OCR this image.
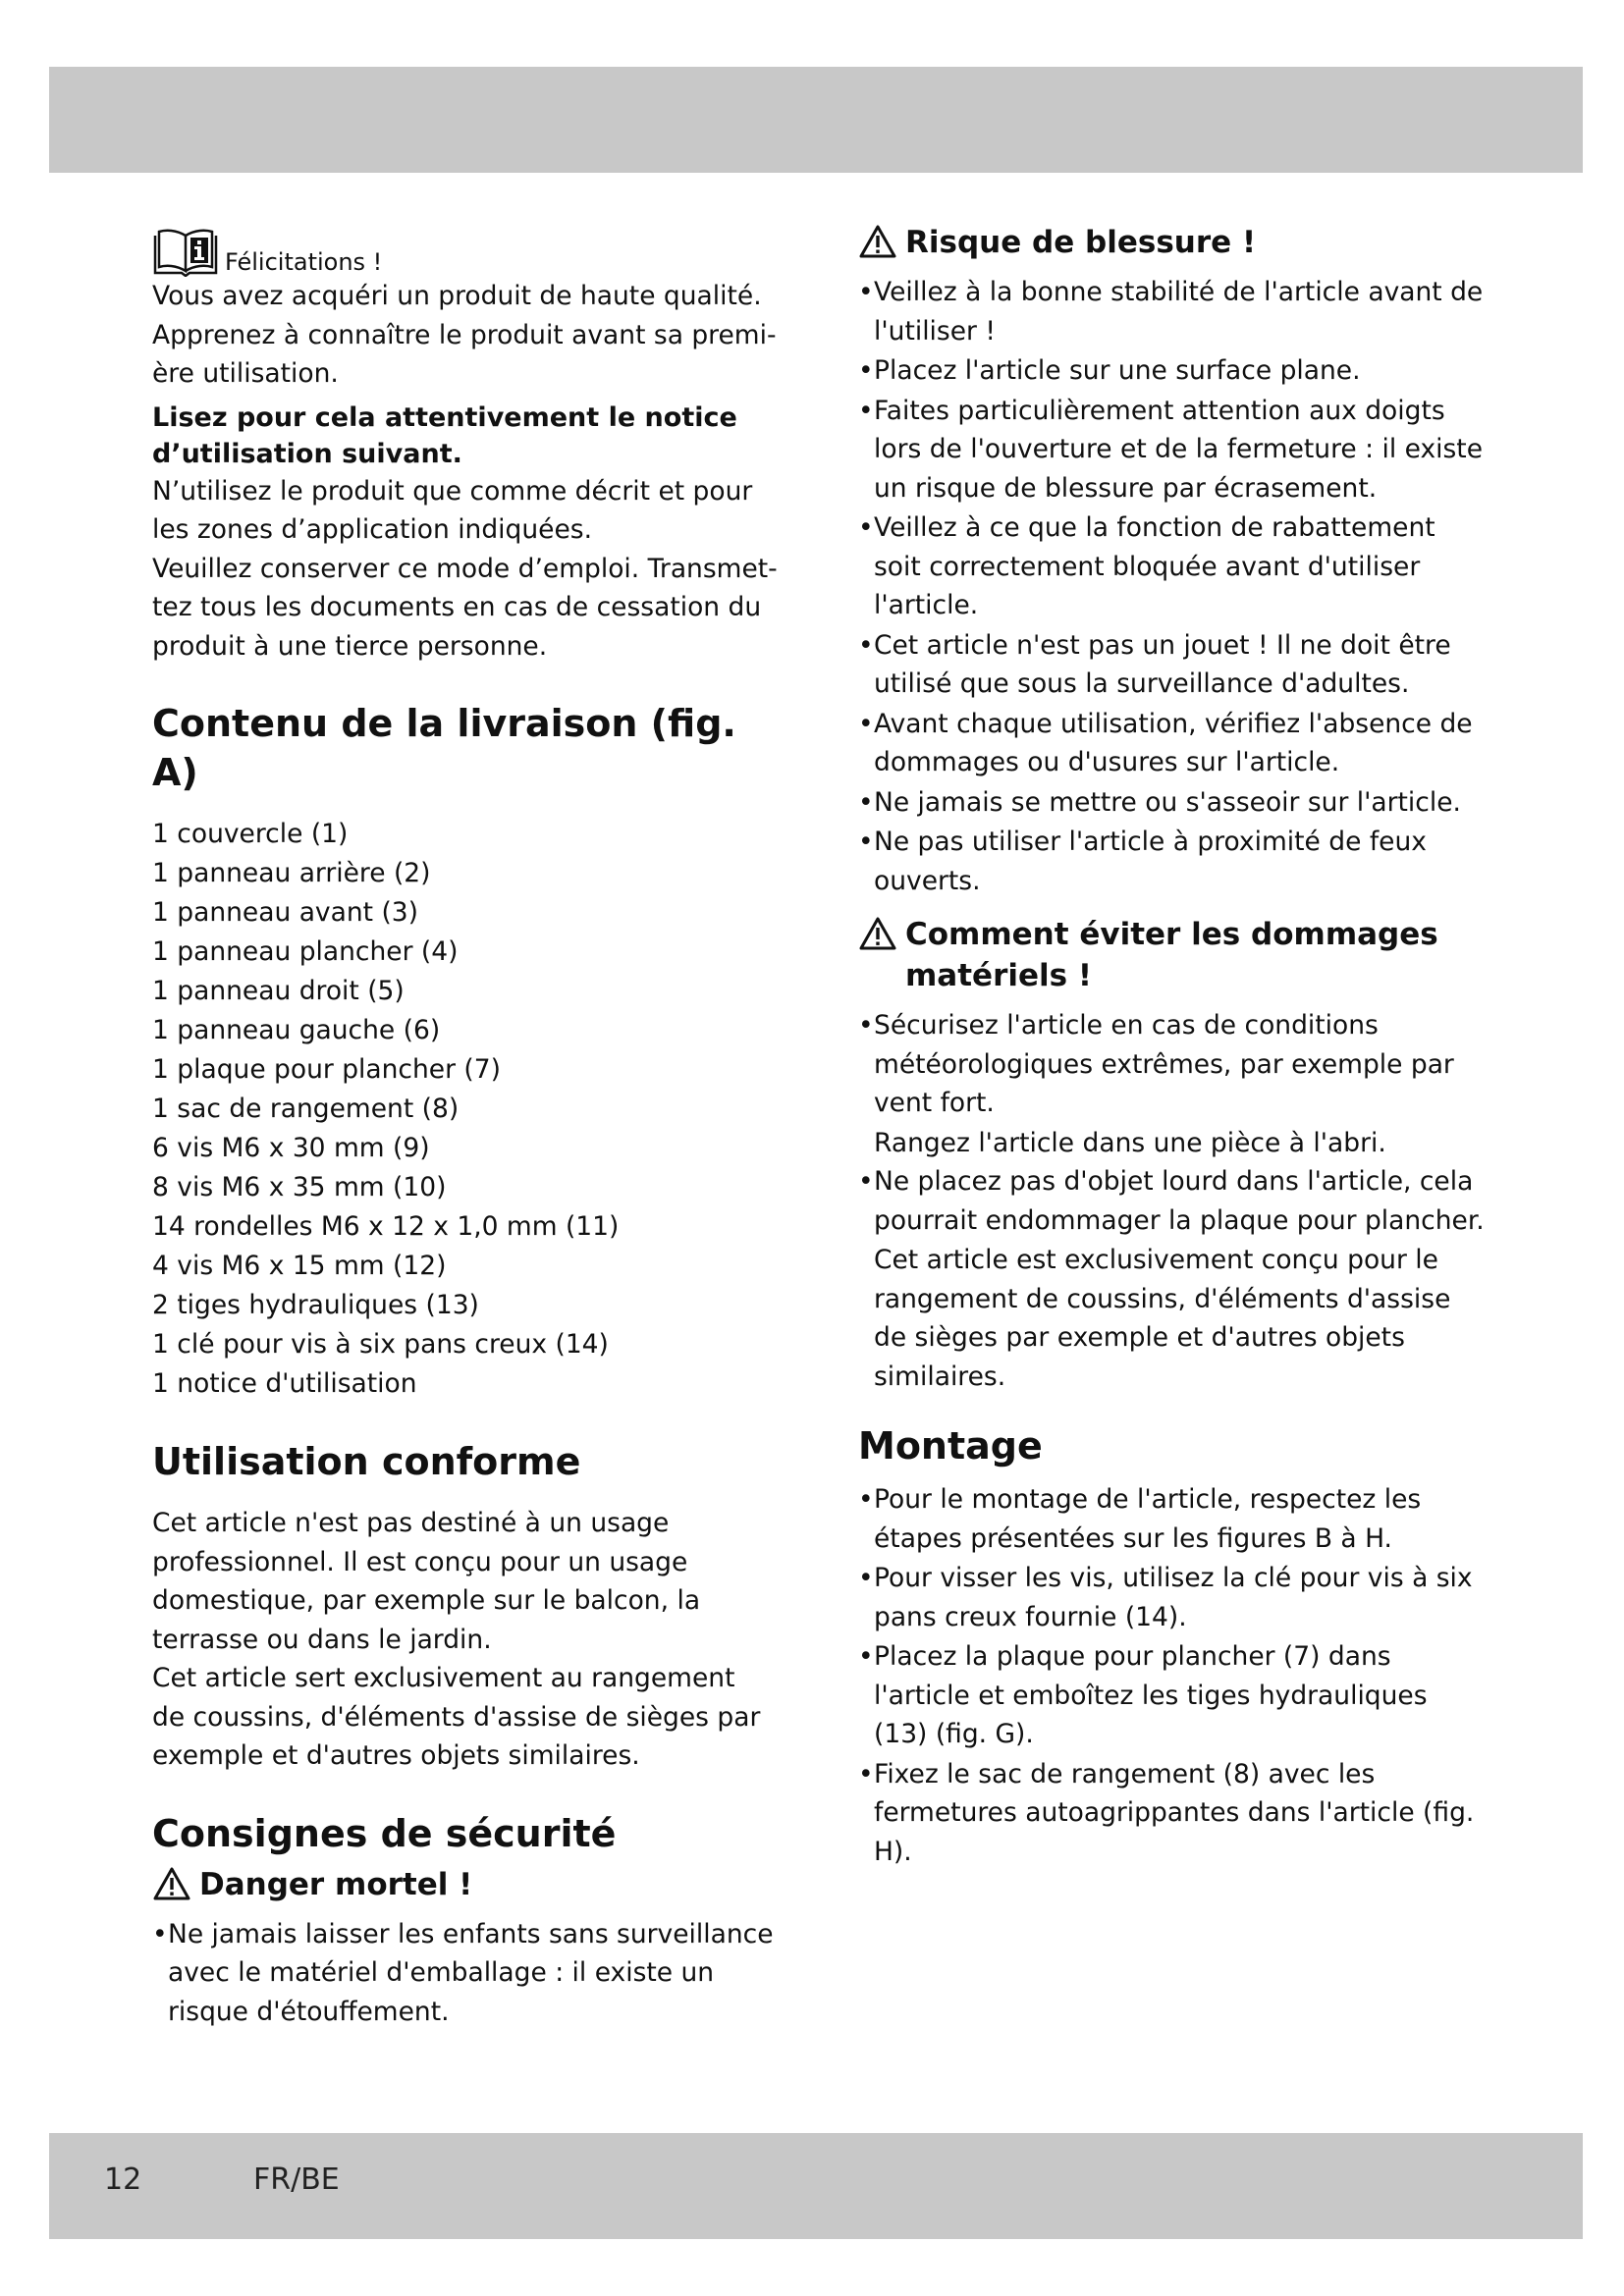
Félicitations !

Vous avez acquéri un produit de haute qualité.

Apprenez à connaître le produit avant sa premi-

ère utilisation.

Lisez pour cela attentivement le notice
d’utilisation suivant.

N’utilisez le produit que comme décrit et pour

les zones d’application indiquées.

Veuillez conserver ce mode d’emploi. Transmet-

tez tous les documents en cas de cessation du

produit à une tierce personne.

Contenu de la livraison (fig. A)

1 couvercle (1)

1 panneau arrière (2)

1 panneau avant (3)

1 panneau plancher (4)

1 panneau droit (5)

1 panneau gauche (6)

1 plaque pour plancher (7)

1 sac de rangement (8)

6 vis M6 x 30 mm (9)

8 vis M6 x 35 mm (10)

14 rondelles M6 x 12 x 1,0 mm (11)

4 vis M6 x 15 mm (12)

2 tiges hydrauliques (13)

1 clé pour vis à six pans creux (14)

1 notice d'utilisation

Utilisation conforme

Cet article n'est pas destiné à un usage

professionnel. Il est conçu pour un usage

domestique, par exemple sur le balcon, la

terrasse ou dans le jardin.

Cet article sert exclusivement au rangement

de coussins, d'éléments d'assise de sièges par

exemple et d'autres objets similaires.

Consignes de sécurité
Danger mortel !
• Ne jamais laisser les enfants sans surveillance avec le matériel d'emballage : il existe un risque d'étouffement.
Risque de blessure !
• Veillez à la bonne stabilité de l'article avant de l'utiliser !
• Placez l'article sur une surface plane.
• Faites particulièrement attention aux doigts lors de l'ouverture et de la fermeture : il existe un risque de blessure par écrasement.
• Veillez à ce que la fonction de rabattement soit correctement bloquée avant d'utiliser l'article.
• Cet article n'est pas un jouet ! Il ne doit être utilisé que sous la surveillance d'adultes.
• Avant chaque utilisation, vérifiez l'absence de dommages ou d'usures sur l'article.
• Ne jamais se mettre ou s'asseoir sur l'article.
• Ne pas utiliser l'article à proximité de feux ouverts.
Comment éviter les dommages matériels !
• Sécurisez l'article en cas de conditions météorologiques extrêmes, par exemple par vent fort.

Rangez l'article dans une pièce à l'abri.

• Ne placez pas d'objet lourd dans l'article, cela pourrait endommager la plaque pour plancher.

Cet article est exclusivement conçu pour le rangement de coussins, d'éléments d'assise de sièges par exemple et d'autres objets similaires.

Montage
• Pour le montage de l'article, respectez les étapes présentées sur les figures B à H.
• Pour visser les vis, utilisez la clé pour vis à six pans creux fournie (14).
• Placez la plaque pour plancher (7) dans l'article et emboîtez les tiges hydrauliques (13) (fig. G).
• Fixez le sac de rangement (8) avec les fermetures autoagrippantes dans l'article (fig. H).
12	FR/BE
